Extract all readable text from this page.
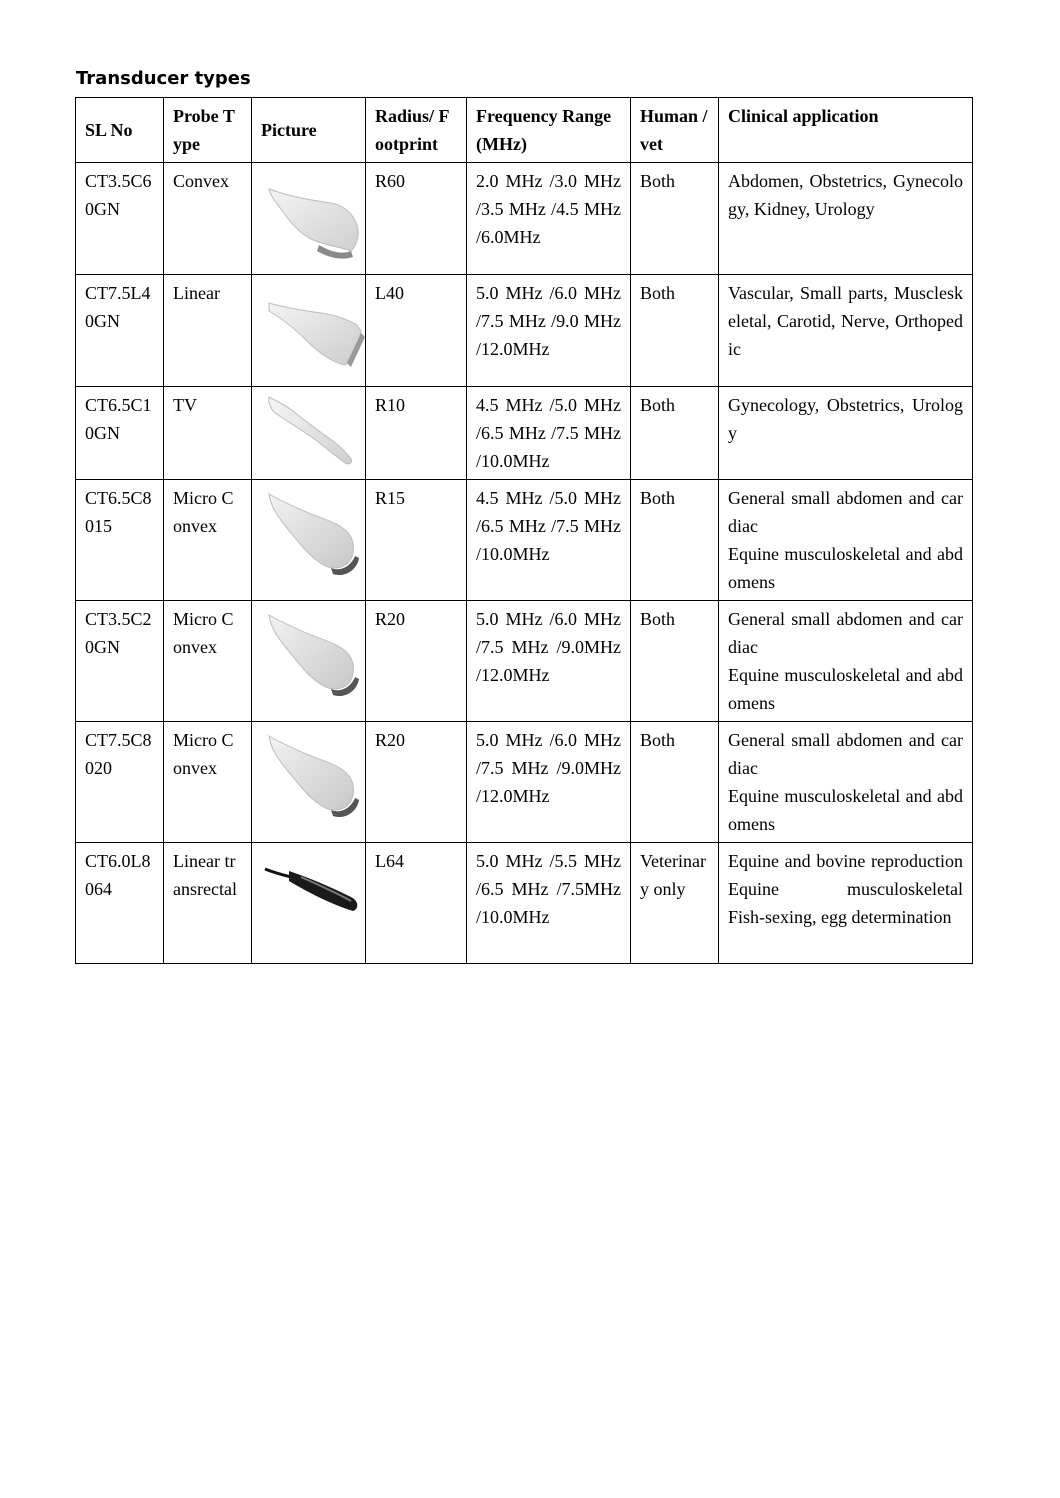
Transducer types
SL No	Probe Type	Picture	Radius/ Footprint	Frequency Range(MHz)	Human / vet	Clinical application
CT3.5C60GN	Convex		R60	2.0 MHz /3.0 MHz /3.5 MHz /4.5 MHz /6.0MHz	Both	Abdomen, Obstetrics, Gynecology, Kidney, Urology

CT7.5L40GN	Linear		L40	5.0 MHz /6.0 MHz /7.5 MHz /9.0 MHz /12.0MHz	Both	Vascular, Small parts, Muscleskeletal, Carotid, Nerve, Orthopedic

CT6.5C10GN	TV		R10	4.5 MHz /5.0 MHz /6.5 MHz /7.5 MHz /10.0MHz	Both	Gynecology, Obstetrics, Urology

CT6.5C8015	Micro Convex		R15	4.5 MHz /5.0 MHz /6.5 MHz /7.5 MHz /10.0MHz	Both	General small abdomen and cardiac
Equine musculoskeletal and abdomens

CT3.5C20GN	Micro Convex		R20	5.0 MHz /6.0 MHz /7.5 MHz /9.0MHz /12.0MHz	Both	General small abdomen and cardiac
Equine musculoskeletal and abdomens

CT7.5C8020	Micro Convex		R20	5.0 MHz /6.0 MHz /7.5 MHz /9.0MHz /12.0MHz	Both	General small abdomen and cardiac
Equine musculoskeletal and abdomens

CT6.0L8064	Linear transrectal		L64	5.0 MHz /5.5 MHz /6.5 MHz /7.5MHz /10.0MHz	Veterinary only	Equine and bovine reproduction
Equine musculoskeletal
Fish-sexing, egg determination
